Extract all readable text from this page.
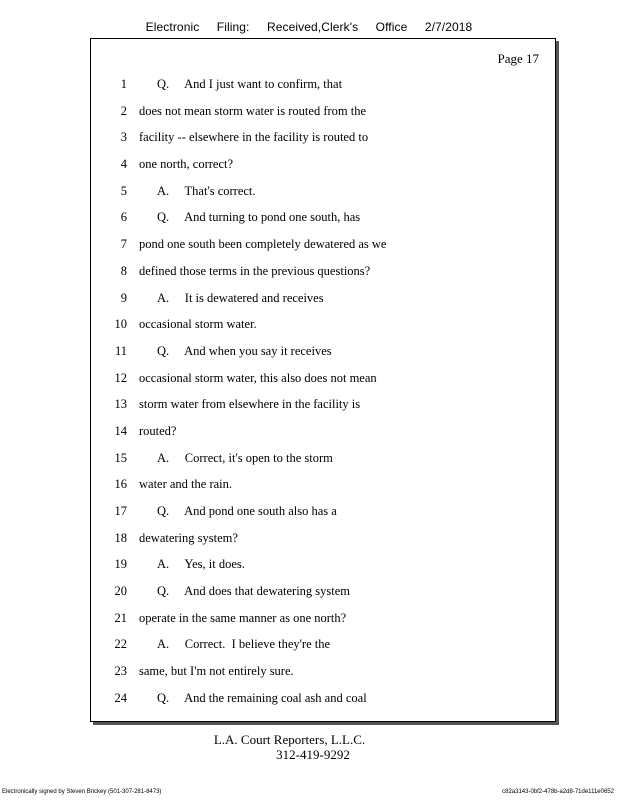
Electronic Filing: Received,Clerk's Office 2/7/2018
Page 17
1 Q.     And I just want to confirm, that
2 does not mean storm water is routed from the
3 facility -- elsewhere in the facility is routed to
4 one north, correct?
5 A.     That's correct.
6 Q.     And turning to pond one south, has
7 pond one south been completely dewatered as we
8 defined those terms in the previous questions?
9 A.     It is dewatered and receives
10 occasional storm water.
11 Q.     And when you say it receives
12 occasional storm water, this also does not mean
13 storm water from elsewhere in the facility is
14 routed?
15 A.     Correct, it's open to the storm
16 water and the rain.
17 Q.     And pond one south also has a
18 dewatering system?
19 A.     Yes, it does.
20 Q.     And does that dewatering system
21 operate in the same manner as one north?
22 A.     Correct.  I believe they're the
23 same, but I'm not entirely sure.
24 Q.     And the remaining coal ash and coal
L.A. Court Reporters, L.L.C.
312-419-9292
Electronically signed by Steven Brickey (501-307-281-8473)	c82a3143-0bf2-478b-a2d8-71de111e0652
